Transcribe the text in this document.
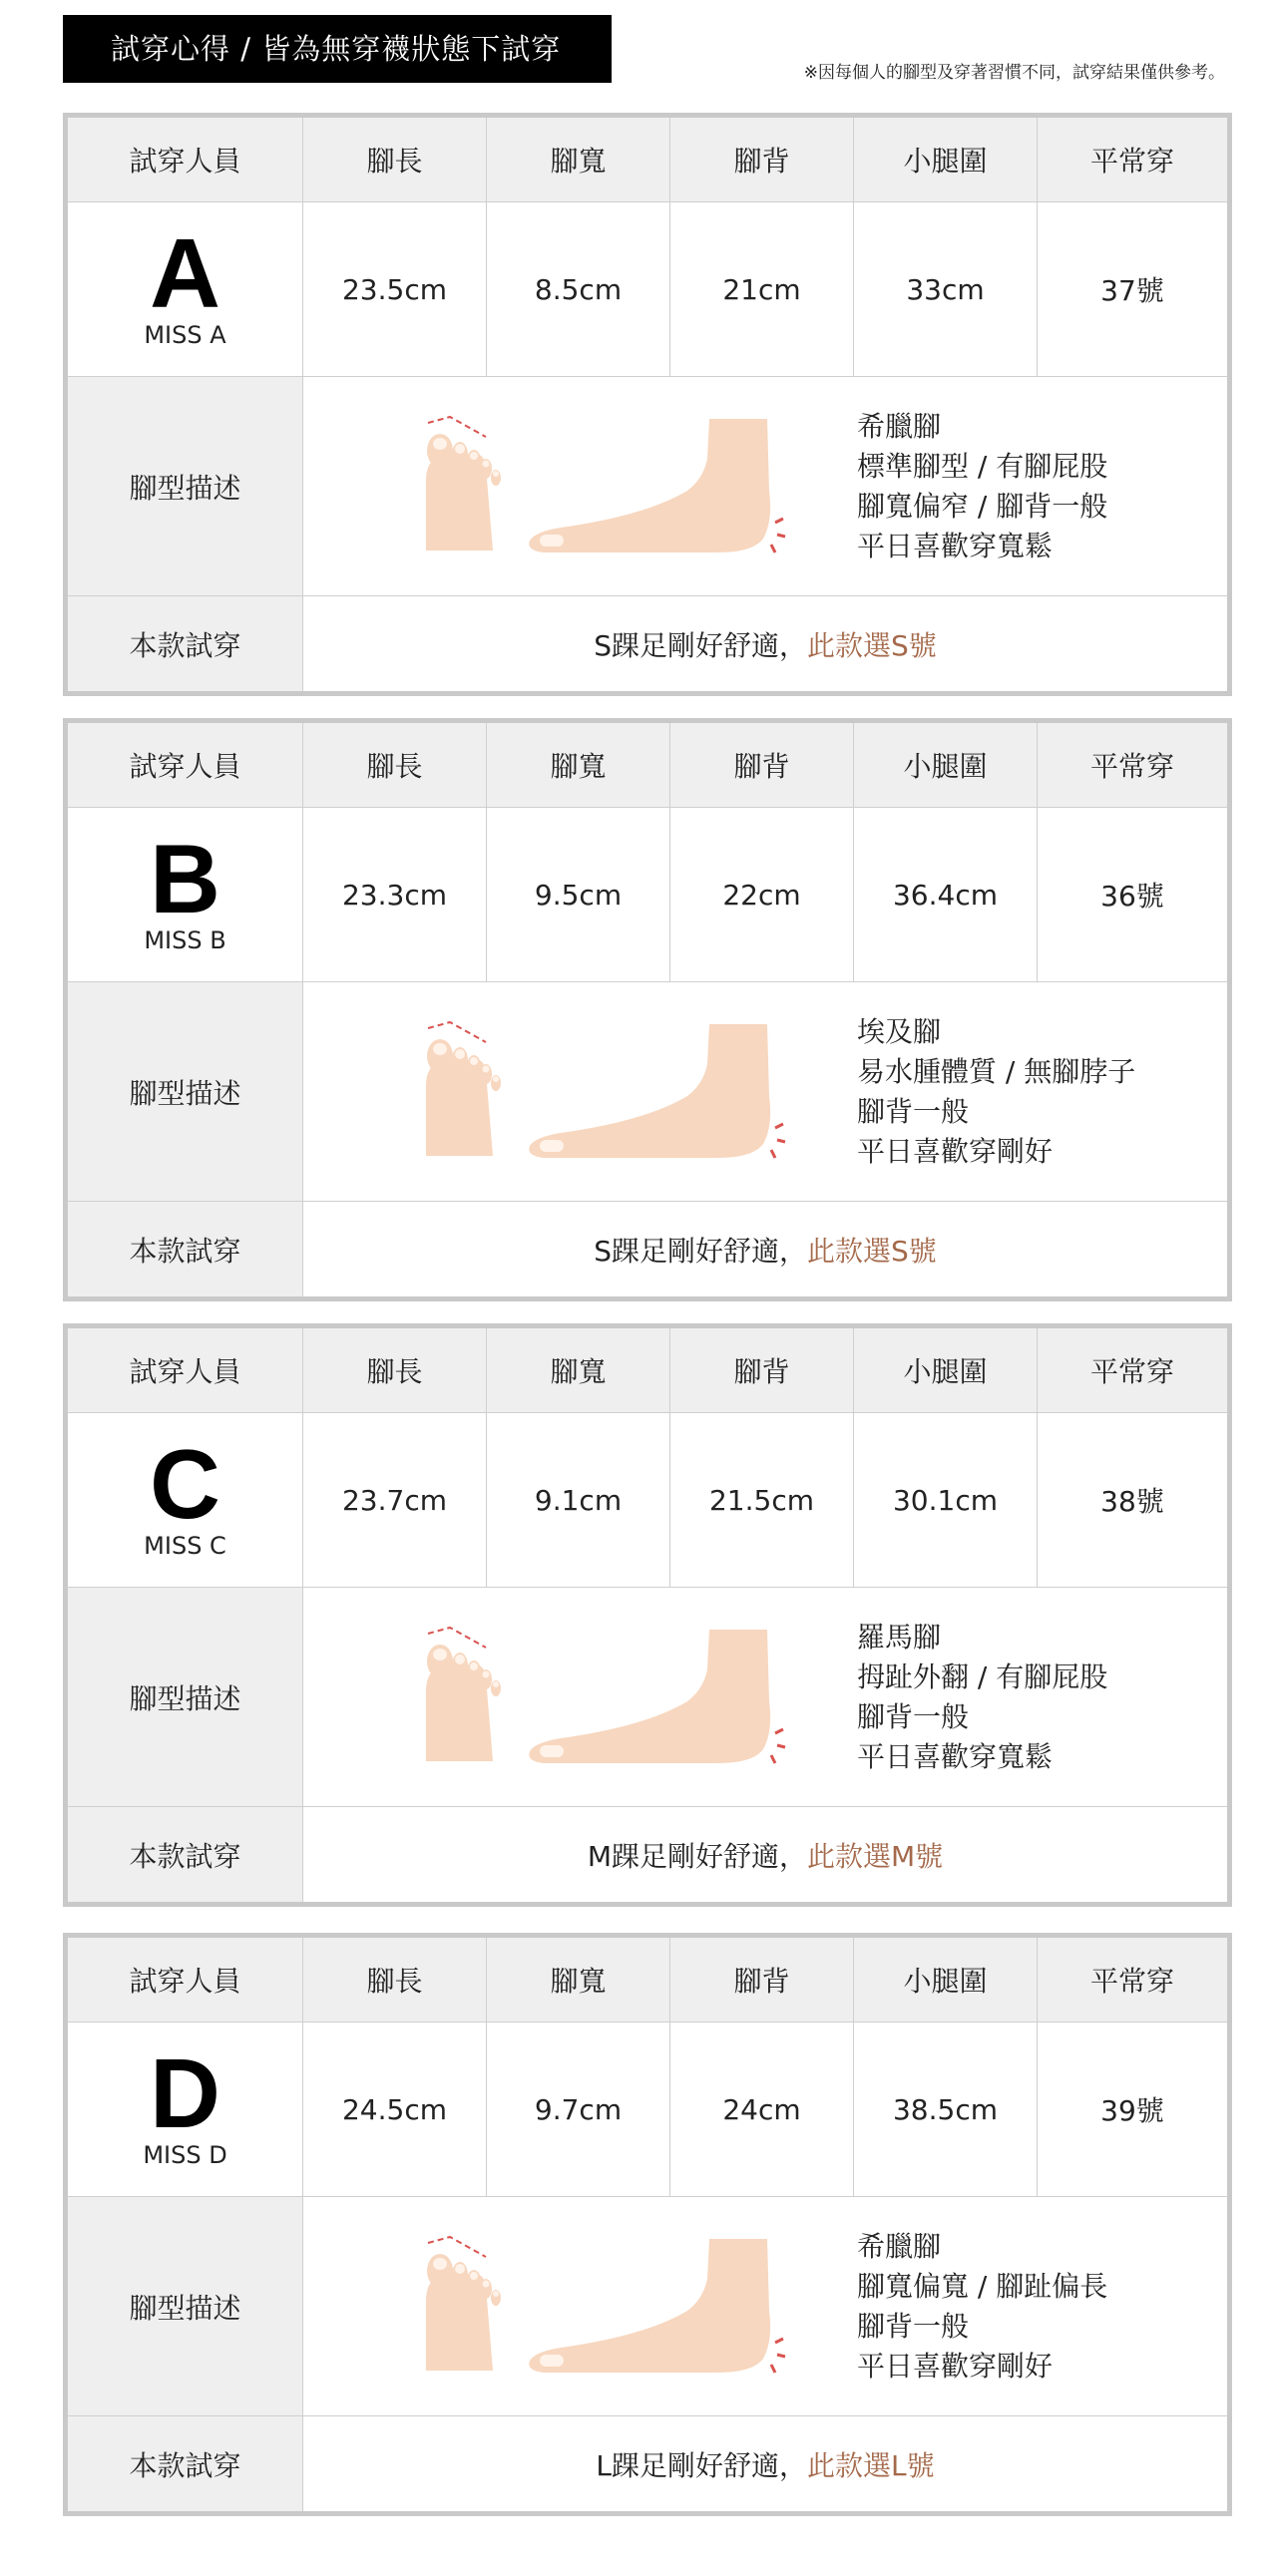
試穿心得 / 皆為無穿襪狀態下試穿
※因每個人的腳型及穿著習慣不同，試穿結果僅供參考。
試穿人員	腳長	腳寬	腳背	小腿圍	平常穿
A
MISS A
23.5cm	8.5cm	21cm	33cm	37號
腳型描述
希臘腳
標準腳型 / 有腳屁股
腳寬偏窄 / 腳背一般
平日喜歡穿寬鬆
本款試穿	S踝足剛好舒適， 此款選S號
試穿人員	腳長	腳寬	腳背	小腿圍	平常穿
B
MISS B
23.3cm	9.5cm	22cm	36.4cm	36號
腳型描述
埃及腳
易水腫體質 / 無腳脖子
腳背一般
平日喜歡穿剛好
本款試穿	S踝足剛好舒適， 此款選S號
試穿人員	腳長	腳寬	腳背	小腿圍	平常穿
C
MISS C
23.7cm	9.1cm	21.5cm	30.1cm	38號
腳型描述
羅馬腳
拇趾外翻 / 有腳屁股
腳背一般
平日喜歡穿寬鬆
本款試穿	M踝足剛好舒適， 此款選M號
試穿人員	腳長	腳寬	腳背	小腿圍	平常穿
D
MISS D
24.5cm	9.7cm	24cm	38.5cm	39號
腳型描述
希臘腳
腳寬偏寬 / 腳趾偏長
腳背一般
平日喜歡穿剛好
本款試穿	L踝足剛好舒適， 此款選L號
